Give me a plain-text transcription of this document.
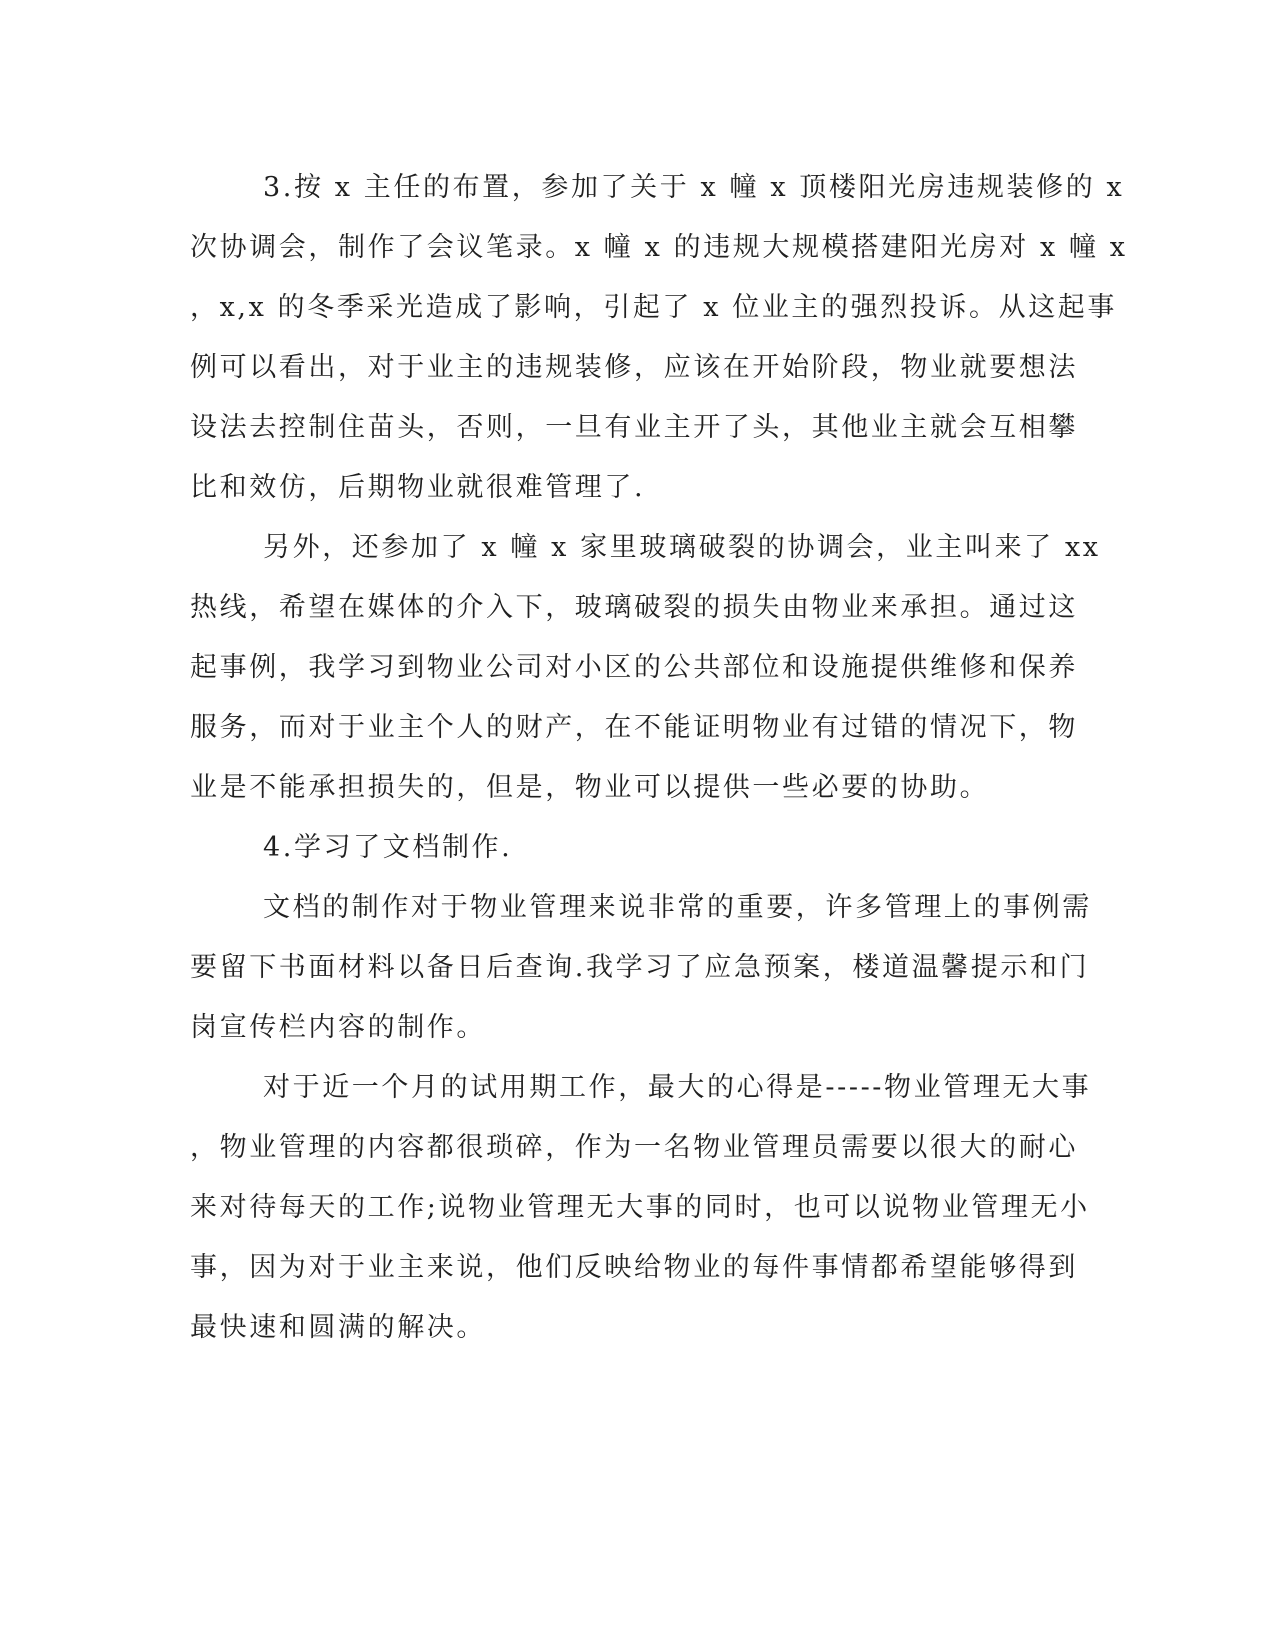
3.按 x 主任的布置，参加了关于 x 幢 x 顶楼阳光房违规装修的 x
次协调会，制作了会议笔录。x 幢 x 的违规大规模搭建阳光房对 x 幢 x
，x,x 的冬季采光造成了影响，引起了 x 位业主的强烈投诉。从这起事
例可以看出，对于业主的违规装修，应该在开始阶段，物业就要想法
设法去控制住苗头，否则，一旦有业主开了头，其他业主就会互相攀
比和效仿，后期物业就很难管理了.
另外，还参加了 x 幢 x 家里玻璃破裂的协调会，业主叫来了 xx
热线，希望在媒体的介入下，玻璃破裂的损失由物业来承担。通过这
起事例，我学习到物业公司对小区的公共部位和设施提供维修和保养
服务，而对于业主个人的财产，在不能证明物业有过错的情况下，物
业是不能承担损失的，但是，物业可以提供一些必要的协助。
4.学习了文档制作.
文档的制作对于物业管理来说非常的重要，许多管理上的事例需
要留下书面材料以备日后查询.我学习了应急预案，楼道温馨提示和门
岗宣传栏内容的制作。
对于近一个月的试用期工作，最大的心得是-----物业管理无大事
，物业管理的内容都很琐碎，作为一名物业管理员需要以很大的耐心
来对待每天的工作;说物业管理无大事的同时，也可以说物业管理无小
事，因为对于业主来说，他们反映给物业的每件事情都希望能够得到
最快速和圆满的解决。
